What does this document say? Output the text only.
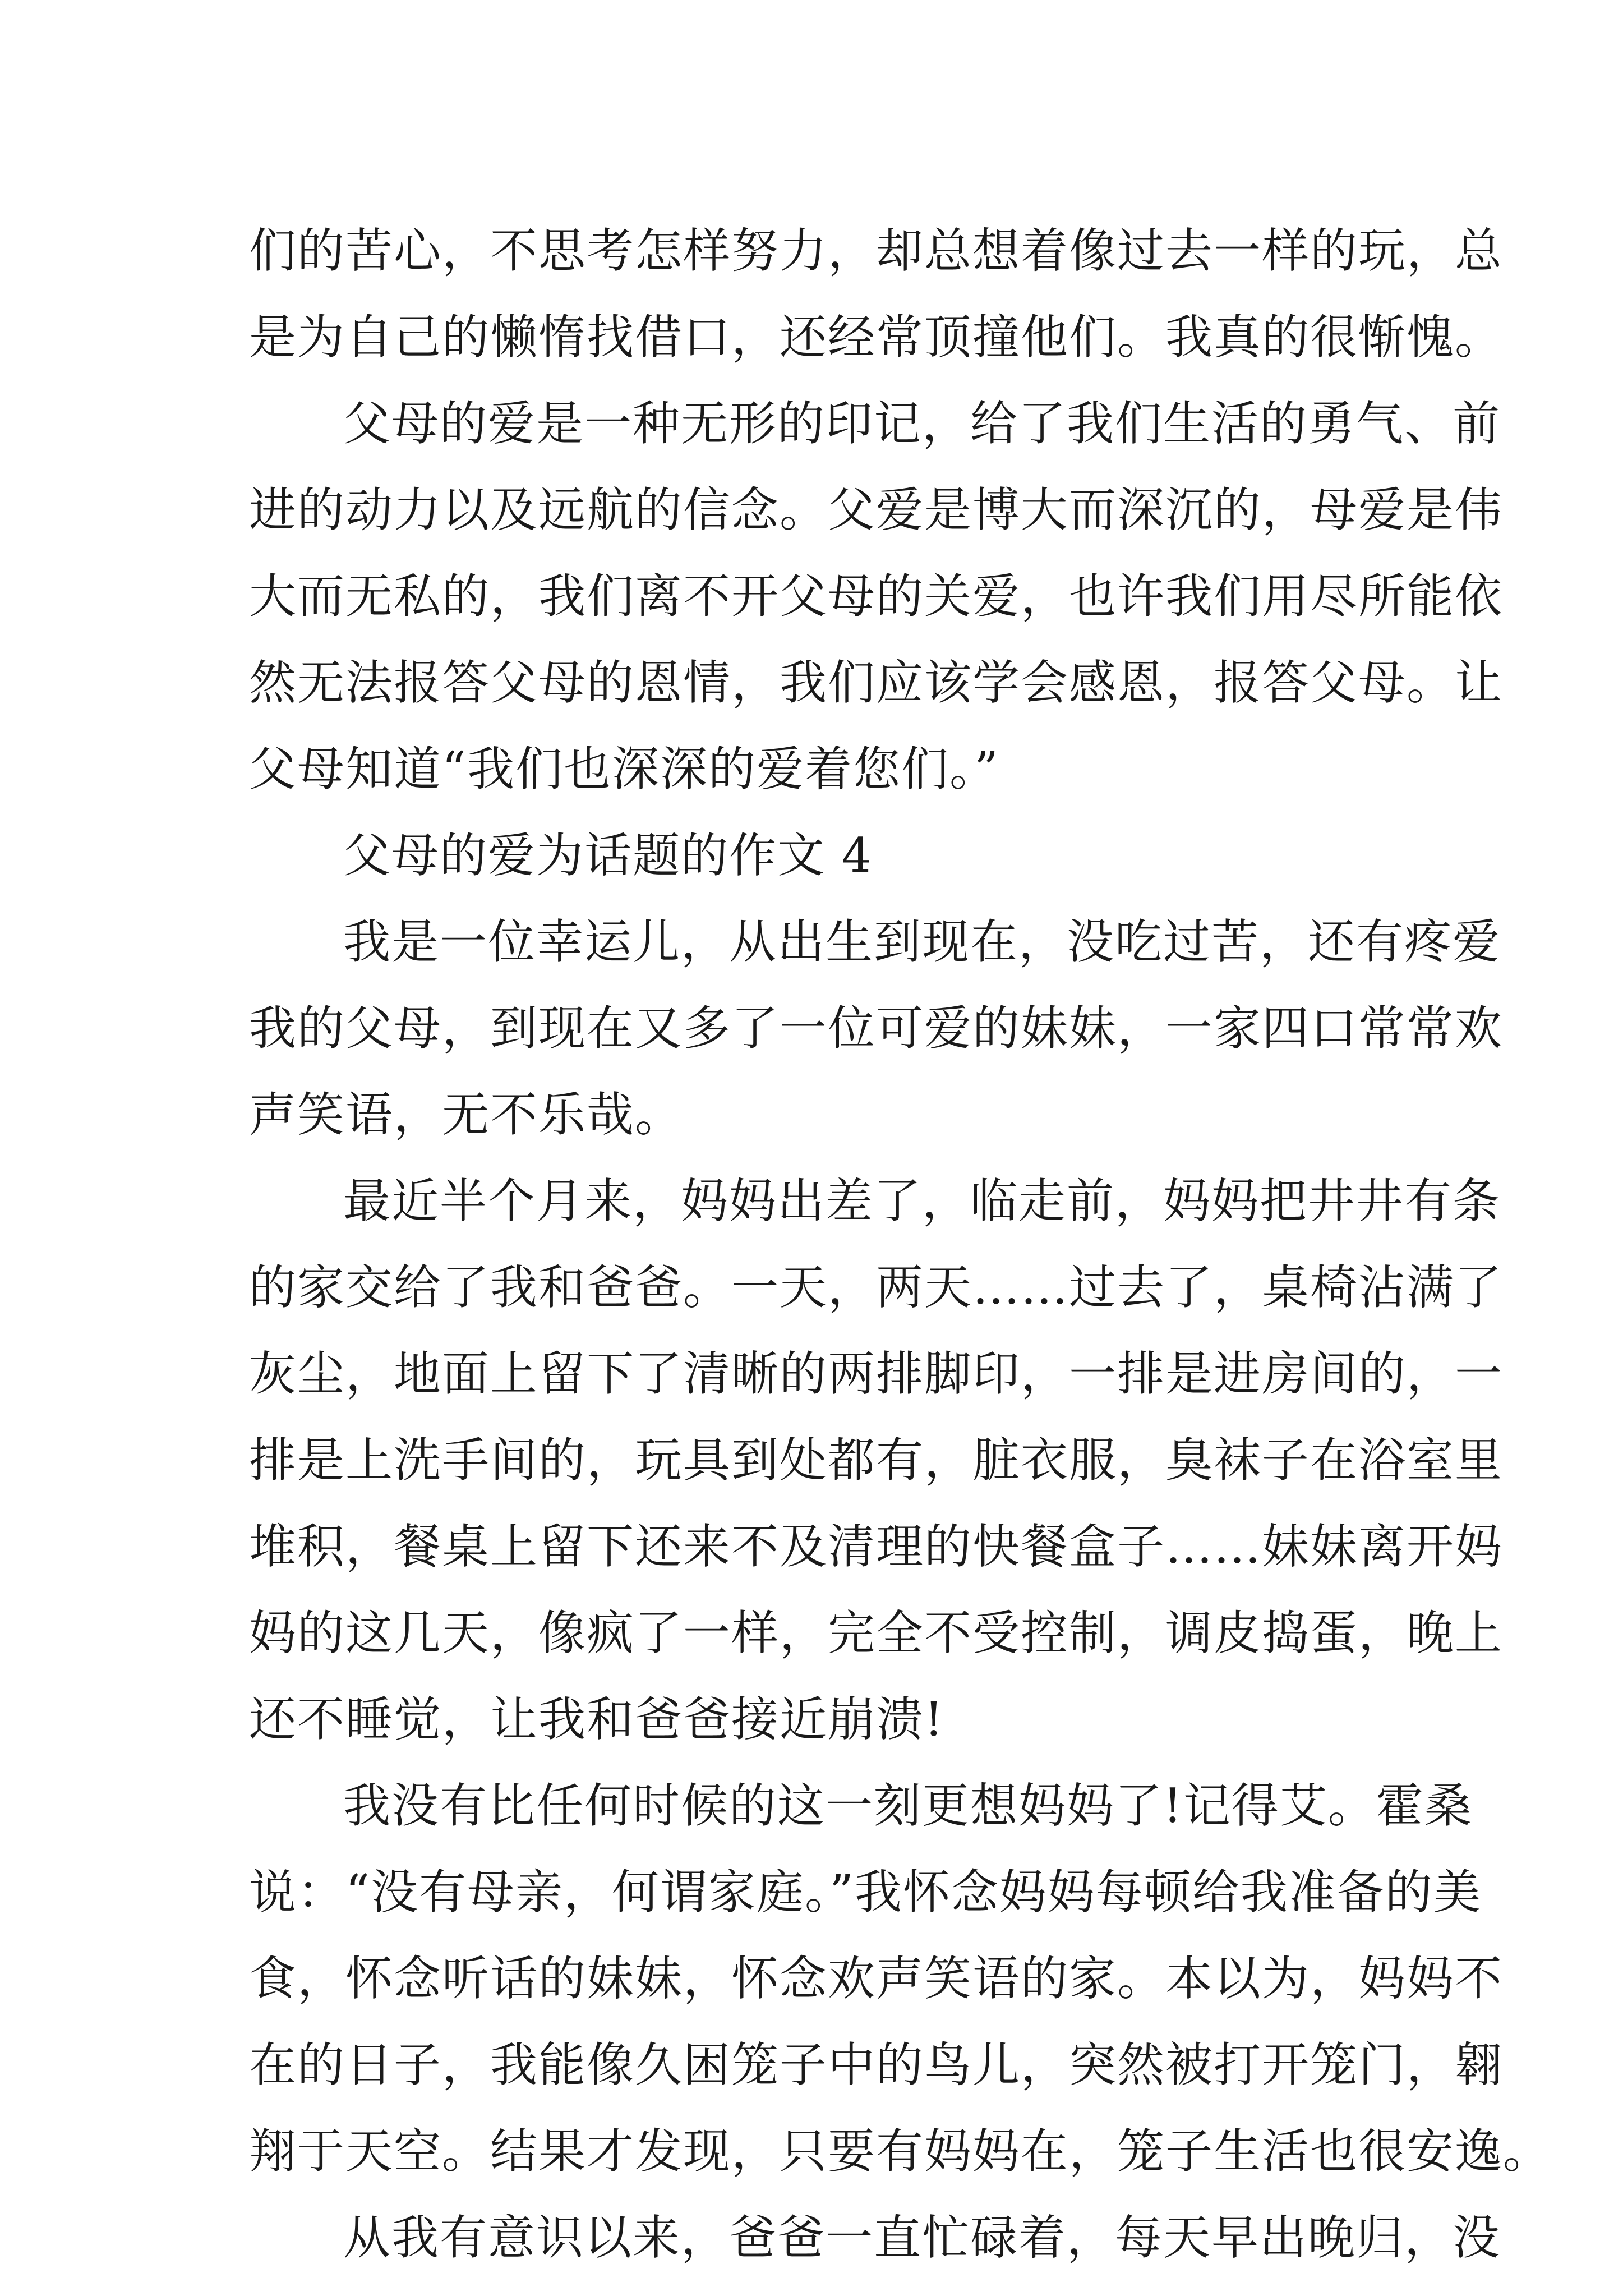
们的苦心，不思考怎样努力，却总想着像过去一样的玩，总
是为自己的懒惰找借口，还经常顶撞他们。我真的很惭愧。
父母的爱是一种无形的印记，给了我们生活的勇气、前
进的动力以及远航的信念。父爱是博大而深沉的，母爱是伟
大而无私的，我们离不开父母的关爱，也许我们用尽所能依
然无法报答父母的恩情，我们应该学会感恩，报答父母。让
父母知道“我们也深深的爱着您们。”
父母的爱为话题的作文 4
我是一位幸运儿，从出生到现在，没吃过苦，还有疼爱
我的父母，到现在又多了一位可爱的妹妹，一家四口常常欢
声笑语，无不乐哉。
最近半个月来，妈妈出差了，临走前，妈妈把井井有条
的家交给了我和爸爸。一天，两天……过去了，桌椅沾满了
灰尘，地面上留下了清晰的两排脚印，一排是进房间的，一
排是上洗手间的，玩具到处都有，脏衣服，臭袜子在浴室里
堆积，餐桌上留下还来不及清理的快餐盒子……妹妹离开妈
妈的这几天，像疯了一样，完全不受控制，调皮捣蛋，晚上
还不睡觉，让我和爸爸接近崩溃!
我没有比任何时候的这一刻更想妈妈了!记得艾。霍桑
说：“没有母亲，何谓家庭。”我怀念妈妈每顿给我准备的美
食，怀念听话的妹妹，怀念欢声笑语的家。本以为，妈妈不
在的日子，我能像久困笼子中的鸟儿，突然被打开笼门，翱
翔于天空。结果才发现，只要有妈妈在，笼子生活也很安逸。
从我有意识以来，爸爸一直忙碌着，每天早出晚归，没
